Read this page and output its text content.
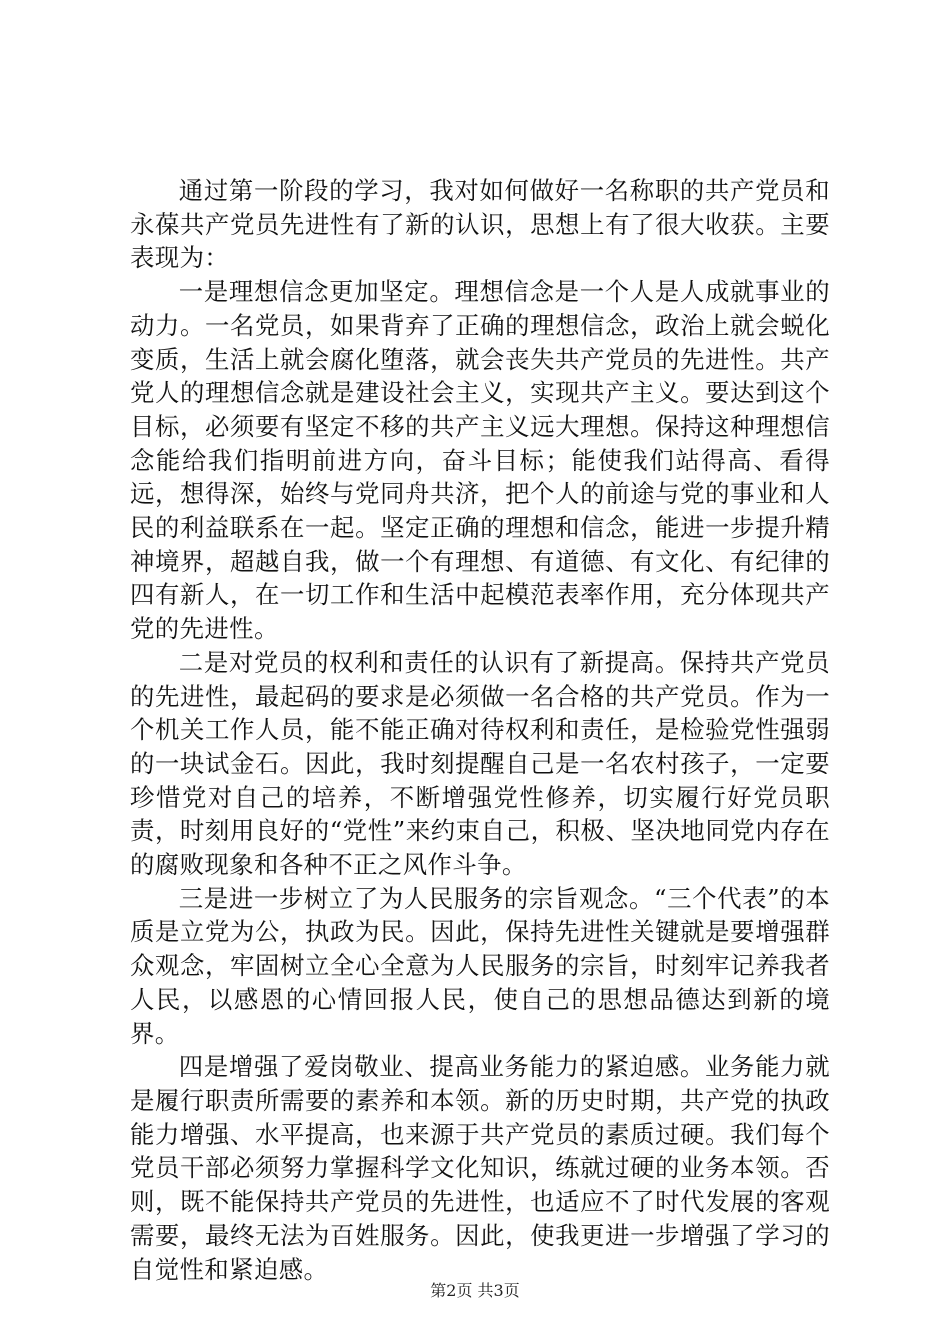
通过第一阶段的学习，我对如何做好一名称职的共产党员和永葆共产党员先进性有了新的认识，思想上有了很大收获。主要表现为：

一是理想信念更加坚定。理想信念是一个人是人成就事业的动力。一名党员，如果背弃了正确的理想信念，政治上就会蜕化变质，生活上就会腐化堕落，就会丧失共产党员的先进性。共产党人的理想信念就是建设社会主义，实现共产主义。要达到这个目标，必须要有坚定不移的共产主义远大理想。保持这种理想信念能给我们指明前进方向，奋斗目标；能使我们站得高、看得远，想得深，始终与党同舟共济，把个人的前途与党的事业和人民的利益联系在一起。坚定正确的理想和信念，能进一步提升精神境界，超越自我，做一个有理想、有道德、有文化、有纪律的四有新人，在一切工作和生活中起模范表率作用，充分体现共产党的先进性。

二是对党员的权利和责任的认识有了新提高。保持共产党员的先进性，最起码的要求是必须做一名合格的共产党员。作为一个机关工作人员，能不能正确对待权利和责任，是检验党性强弱的一块试金石。因此，我时刻提醒自己是一名农村孩子，一定要珍惜党对自己的培养，不断增强党性修养，切实履行好党员职责，时刻用良好的“党性”来约束自己，积极、坚决地同党内存在的腐败现象和各种不正之风作斗争。

三是进一步树立了为人民服务的宗旨观念。“三个代表”的本质是立党为公，执政为民。因此，保持先进性关键就是要增强群众观念，牢固树立全心全意为人民服务的宗旨，时刻牢记养我者人民，以感恩的心情回报人民，使自己的思想品德达到新的境界。

四是增强了爱岗敬业、提高业务能力的紧迫感。业务能力就是履行职责所需要的素养和本领。新的历史时期，共产党的执政能力增强、水平提高，也来源于共产党员的素质过硬。我们每个党员干部必须努力掌握科学文化知识，练就过硬的业务本领。否则，既不能保持共产党员的先进性，也适应不了时代发展的客观需要，最终无法为百姓服务。因此，使我更进一步增强了学习的自觉性和紧迫感。

第2页 共3页
